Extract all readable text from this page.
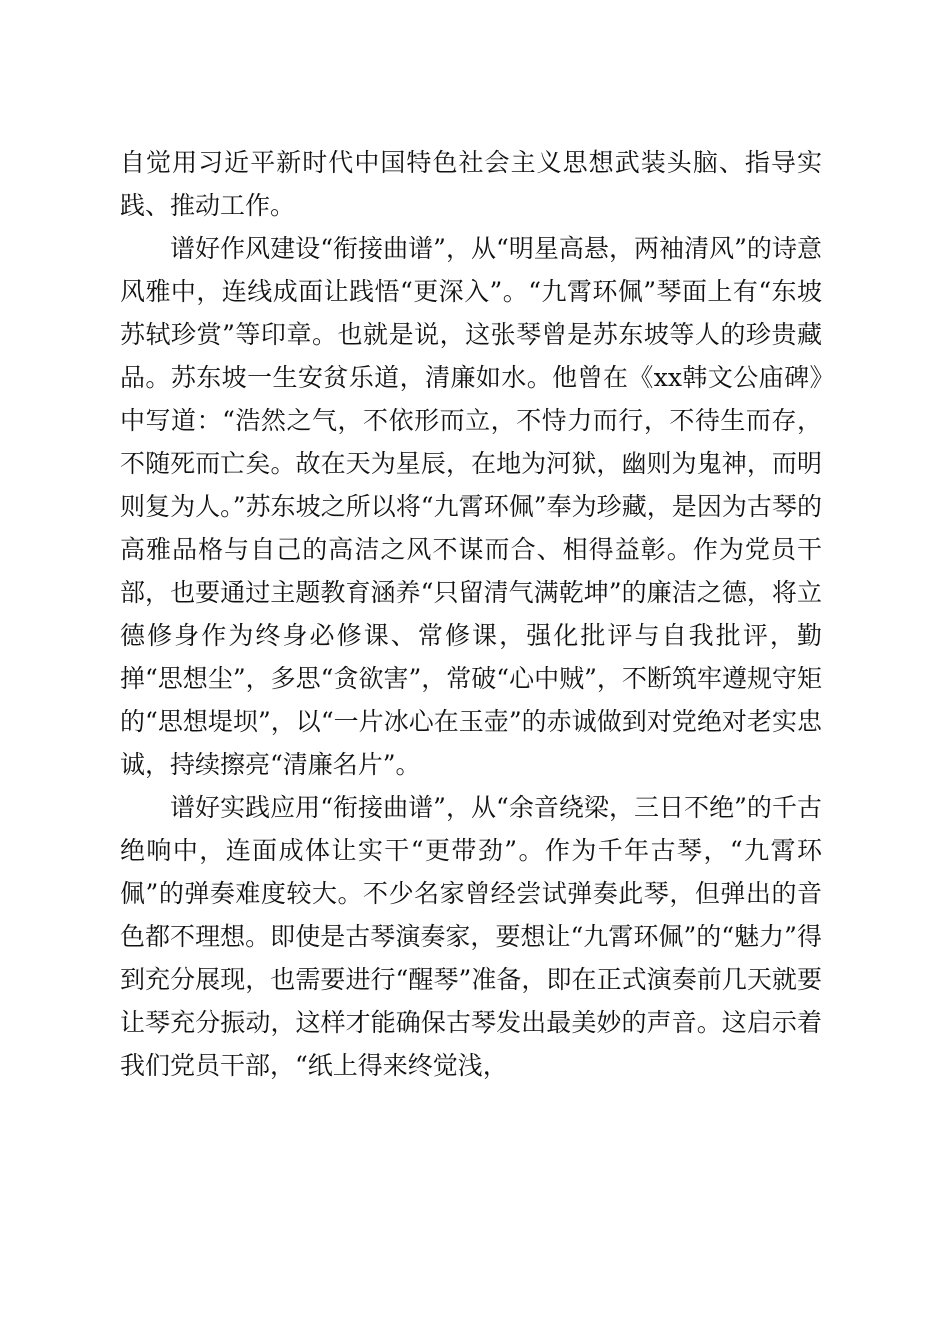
自觉用习近平新时代中国特色社会主义思想武装头脑、指导实践、推动工作。

谱好作风建设“衔接曲谱”，从“明星高悬，两袖清风”的诗意风雅中，连线成面让践悟“更深入”。“九霄环佩”琴面上有“东坡苏轼珍赏”等印章。也就是说，这张琴曾是苏东坡等人的珍贵藏品。苏东坡一生安贫乐道，清廉如水。他曾在《xx韩文公庙碑》中写道：“浩然之气，不依形而立，不恃力而行，不待生而存，不随死而亡矣。故在天为星辰，在地为河狱，幽则为鬼神，而明则复为人。”苏东坡之所以将“九霄环佩”奉为珍藏，是因为古琴的高雅品格与自己的高洁之风不谋而合、相得益彰。作为党员干部，也要通过主题教育涵养“只留清气满乾坤”的廉洁之德，将立德修身作为终身必修课、常修课，强化批评与自我批评，勤掸“思想尘”，多思“贪欲害”，常破“心中贼”，不断筑牢遵规守矩的“思想堤坝”，以“一片冰心在玉壶”的赤诚做到对党绝对老实忠诚，持续擦亮“清廉名片”。

谱好实践应用“衔接曲谱”，从“余音绕梁，三日不绝”的千古绝响中，连面成体让实干“更带劲”。作为千年古琴，“九霄环佩”的弹奏难度较大。不少名家曾经尝试弹奏此琴，但弹出的音色都不理想。即使是古琴演奏家，要想让“九霄环佩”的“魅力”得到充分展现，也需要进行“醒琴”准备，即在正式演奏前几天就要让琴充分振动，这样才能确保古琴发出最美妙的声音。这启示着我们党员干部，“纸上得来终觉浅，
